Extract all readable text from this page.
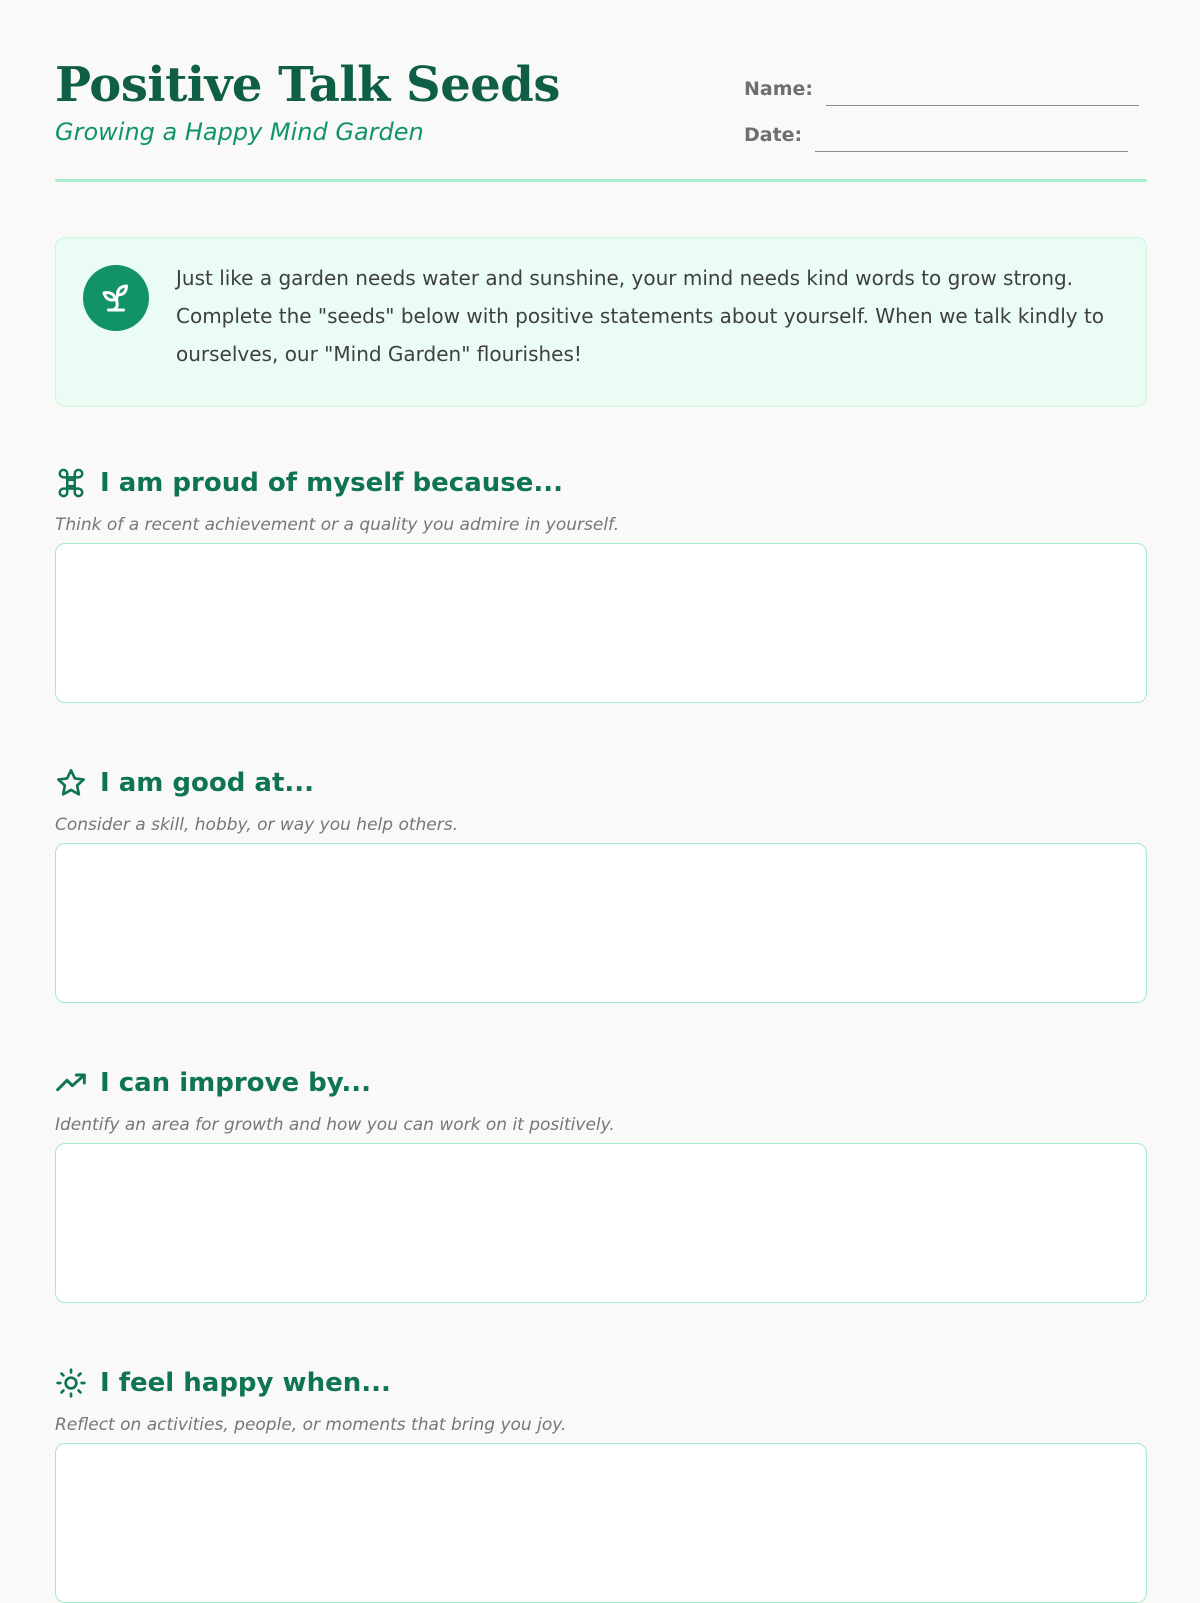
Positive Talk Seeds
Growing a Happy Mind Garden
Name:
Date:
Just like a garden needs water and sunshine, your mind needs kind words to grow strong. Complete the "seeds" below with positive statements about yourself. When we talk kindly to ourselves, our "Mind Garden" flourishes!
I am proud of myself because...
Think of a recent achievement or a quality you admire in yourself.
I am good at...
Consider a skill, hobby, or way you help others.
I can improve by...
Identify an area for growth and how you can work on it positively.
I feel happy when...
Reflect on activities, people, or moments that bring you joy.
